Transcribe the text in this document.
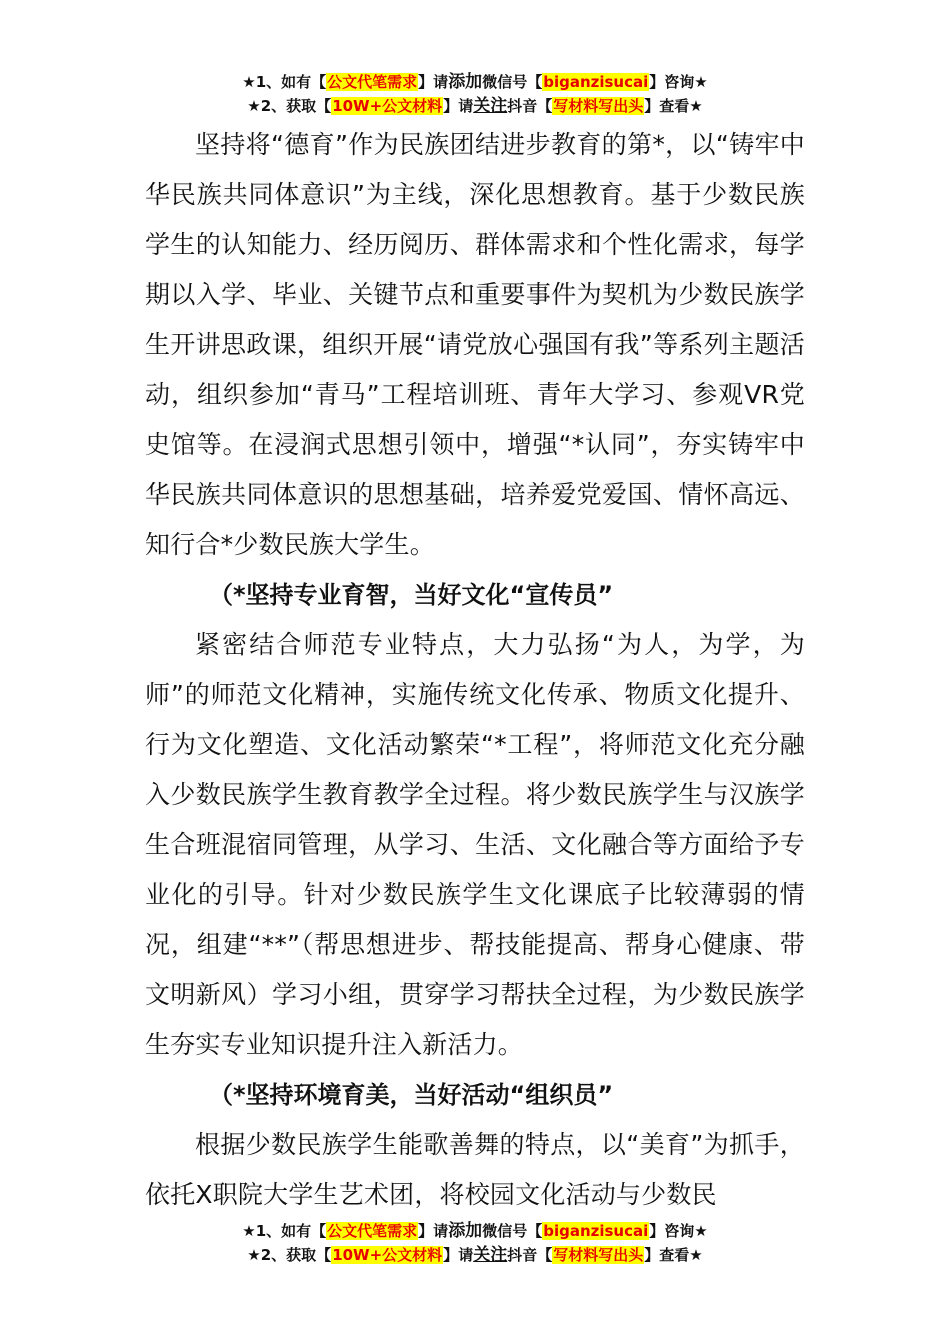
★1、如有【公文代笔需求】请添加微信号【biganzisucai】咨询★
★2、获取【10W+公文材料】请关注抖音【写材料写出头】查看★

坚持将“德育”作为民族团结进步教育的第*，以“铸牢中华民族共同体意识”为主线，深化思想教育。基于少数民族学生的认知能力、经历阅历、群体需求和个性化需求，每学期以入学、毕业、关键节点和重要事件为契机为少数民族学生开讲思政课，组织开展“请党放心强国有我”等系列主题活动，组织参加“青马”工程培训班、青年大学习、参观VR党史馆等。在浸润式思想引领中，增强“*认同”，夯实铸牢中华民族共同体意识的思想基础，培养爱党爱国、情怀高远、知行合*少数民族大学生。

（*坚持专业育智，当好文化“宣传员”

紧密结合师范专业特点，大力弘扬“为人，为学，为师”的师范文化精神，实施传统文化传承、物质文化提升、行为文化塑造、文化活动繁荣“*工程”，将师范文化充分融入少数民族学生教育教学全过程。将少数民族学生与汉族学生合班混宿同管理，从学习、生活、文化融合等方面给予专业化的引导。针对少数民族学生文化课底子比较薄弱的情况，组建“**”（帮思想进步、帮技能提高、帮身心健康、带文明新风）学习小组，贯穿学习帮扶全过程，为少数民族学生夯实专业知识提升注入新活力。

（*坚持环境育美，当好活动“组织员”

根据少数民族学生能歌善舞的特点，以“美育”为抓手，依托X职院大学生艺术团，将校园文化活动与少数民

★1、如有【公文代笔需求】请添加微信号【biganzisucai】咨询★
★2、获取【10W+公文材料】请关注抖音【写材料写出头】查看★
